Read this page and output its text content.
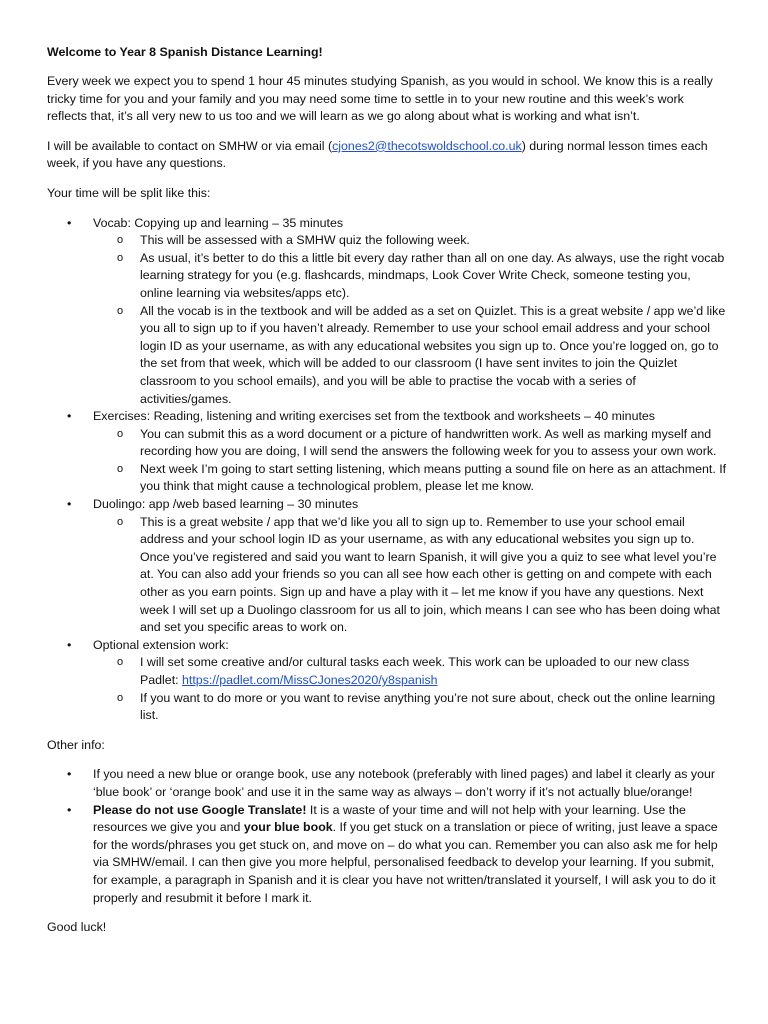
Welcome to Year 8 Spanish Distance Learning!

Every week we expect you to spend 1 hour 45 minutes studying Spanish, as you would in school. We know this is a really tricky time for you and your family and you may need some time to settle in to your new routine and this week’s work reflects that, it’s all very new to us too and we will learn as we go along about what is working and what isn’t.

I will be available to contact on SMHW or via email (cjones2@thecotswoldschool.co.uk) during normal lesson times each week, if you have any questions.

Your time will be split like this:

• Vocab: Copying up and learning – 35 minutes
o This will be assessed with a SMHW quiz the following week.
o As usual, it’s better to do this a little bit every day rather than all on one day. As always, use the right vocab learning strategy for you (e.g. flashcards, mindmaps, Look Cover Write Check, someone testing you, online learning via websites/apps etc).
o All the vocab is in the textbook and will be added as a set on Quizlet. This is a great website / app we’d like you all to sign up to if you haven’t already. Remember to use your school email address and your school login ID as your username, as with any educational websites you sign up to. Once you’re logged on, go to the set from that week, which will be added to our classroom (I have sent invites to join the Quizlet classroom to you school emails), and you will be able to practise the vocab with a series of activities/games.
• Exercises: Reading, listening and writing exercises set from the textbook and worksheets – 40 minutes
o You can submit this as a word document or a picture of handwritten work. As well as marking myself and recording how you are doing, I will send the answers the following week for you to assess your own work.
o Next week I’m going to start setting listening, which means putting a sound file on here as an attachment. If you think that might cause a technological problem, please let me know.
• Duolingo: app /web based learning – 30 minutes
o This is a great website / app that we’d like you all to sign up to. Remember to use your school email address and your school login ID as your username, as with any educational websites you sign up to. Once you’ve registered and said you want to learn Spanish, it will give you a quiz to see what level you’re at. You can also add your friends so you can all see how each other is getting on and compete with each other as you earn points. Sign up and have a play with it – let me know if you have any questions. Next week I will set up a Duolingo classroom for us all to join, which means I can see who has been doing what and set you specific areas to work on.
• Optional extension work:
o I will set some creative and/or cultural tasks each week. This work can be uploaded to our new class Padlet: https://padlet.com/MissCJones2020/y8spanish
o If you want to do more or you want to revise anything you’re not sure about, check out the online learning list.

Other info:

• If you need a new blue or orange book, use any notebook (preferably with lined pages) and label it clearly as your ‘blue book’ or ‘orange book’ and use it in the same way as always – don’t worry if it’s not actually blue/orange!
• Please do not use Google Translate! It is a waste of your time and will not help with your learning. Use the resources we give you and your blue book. If you get stuck on a translation or piece of writing, just leave a space for the words/phrases you get stuck on, and move on – do what you can. Remember you can also ask me for help via SMHW/email. I can then give you more helpful, personalised feedback to develop your learning. If you submit, for example, a paragraph in Spanish and it is clear you have not written/translated it yourself, I will ask you to do it properly and resubmit it before I mark it.

Good luck!
